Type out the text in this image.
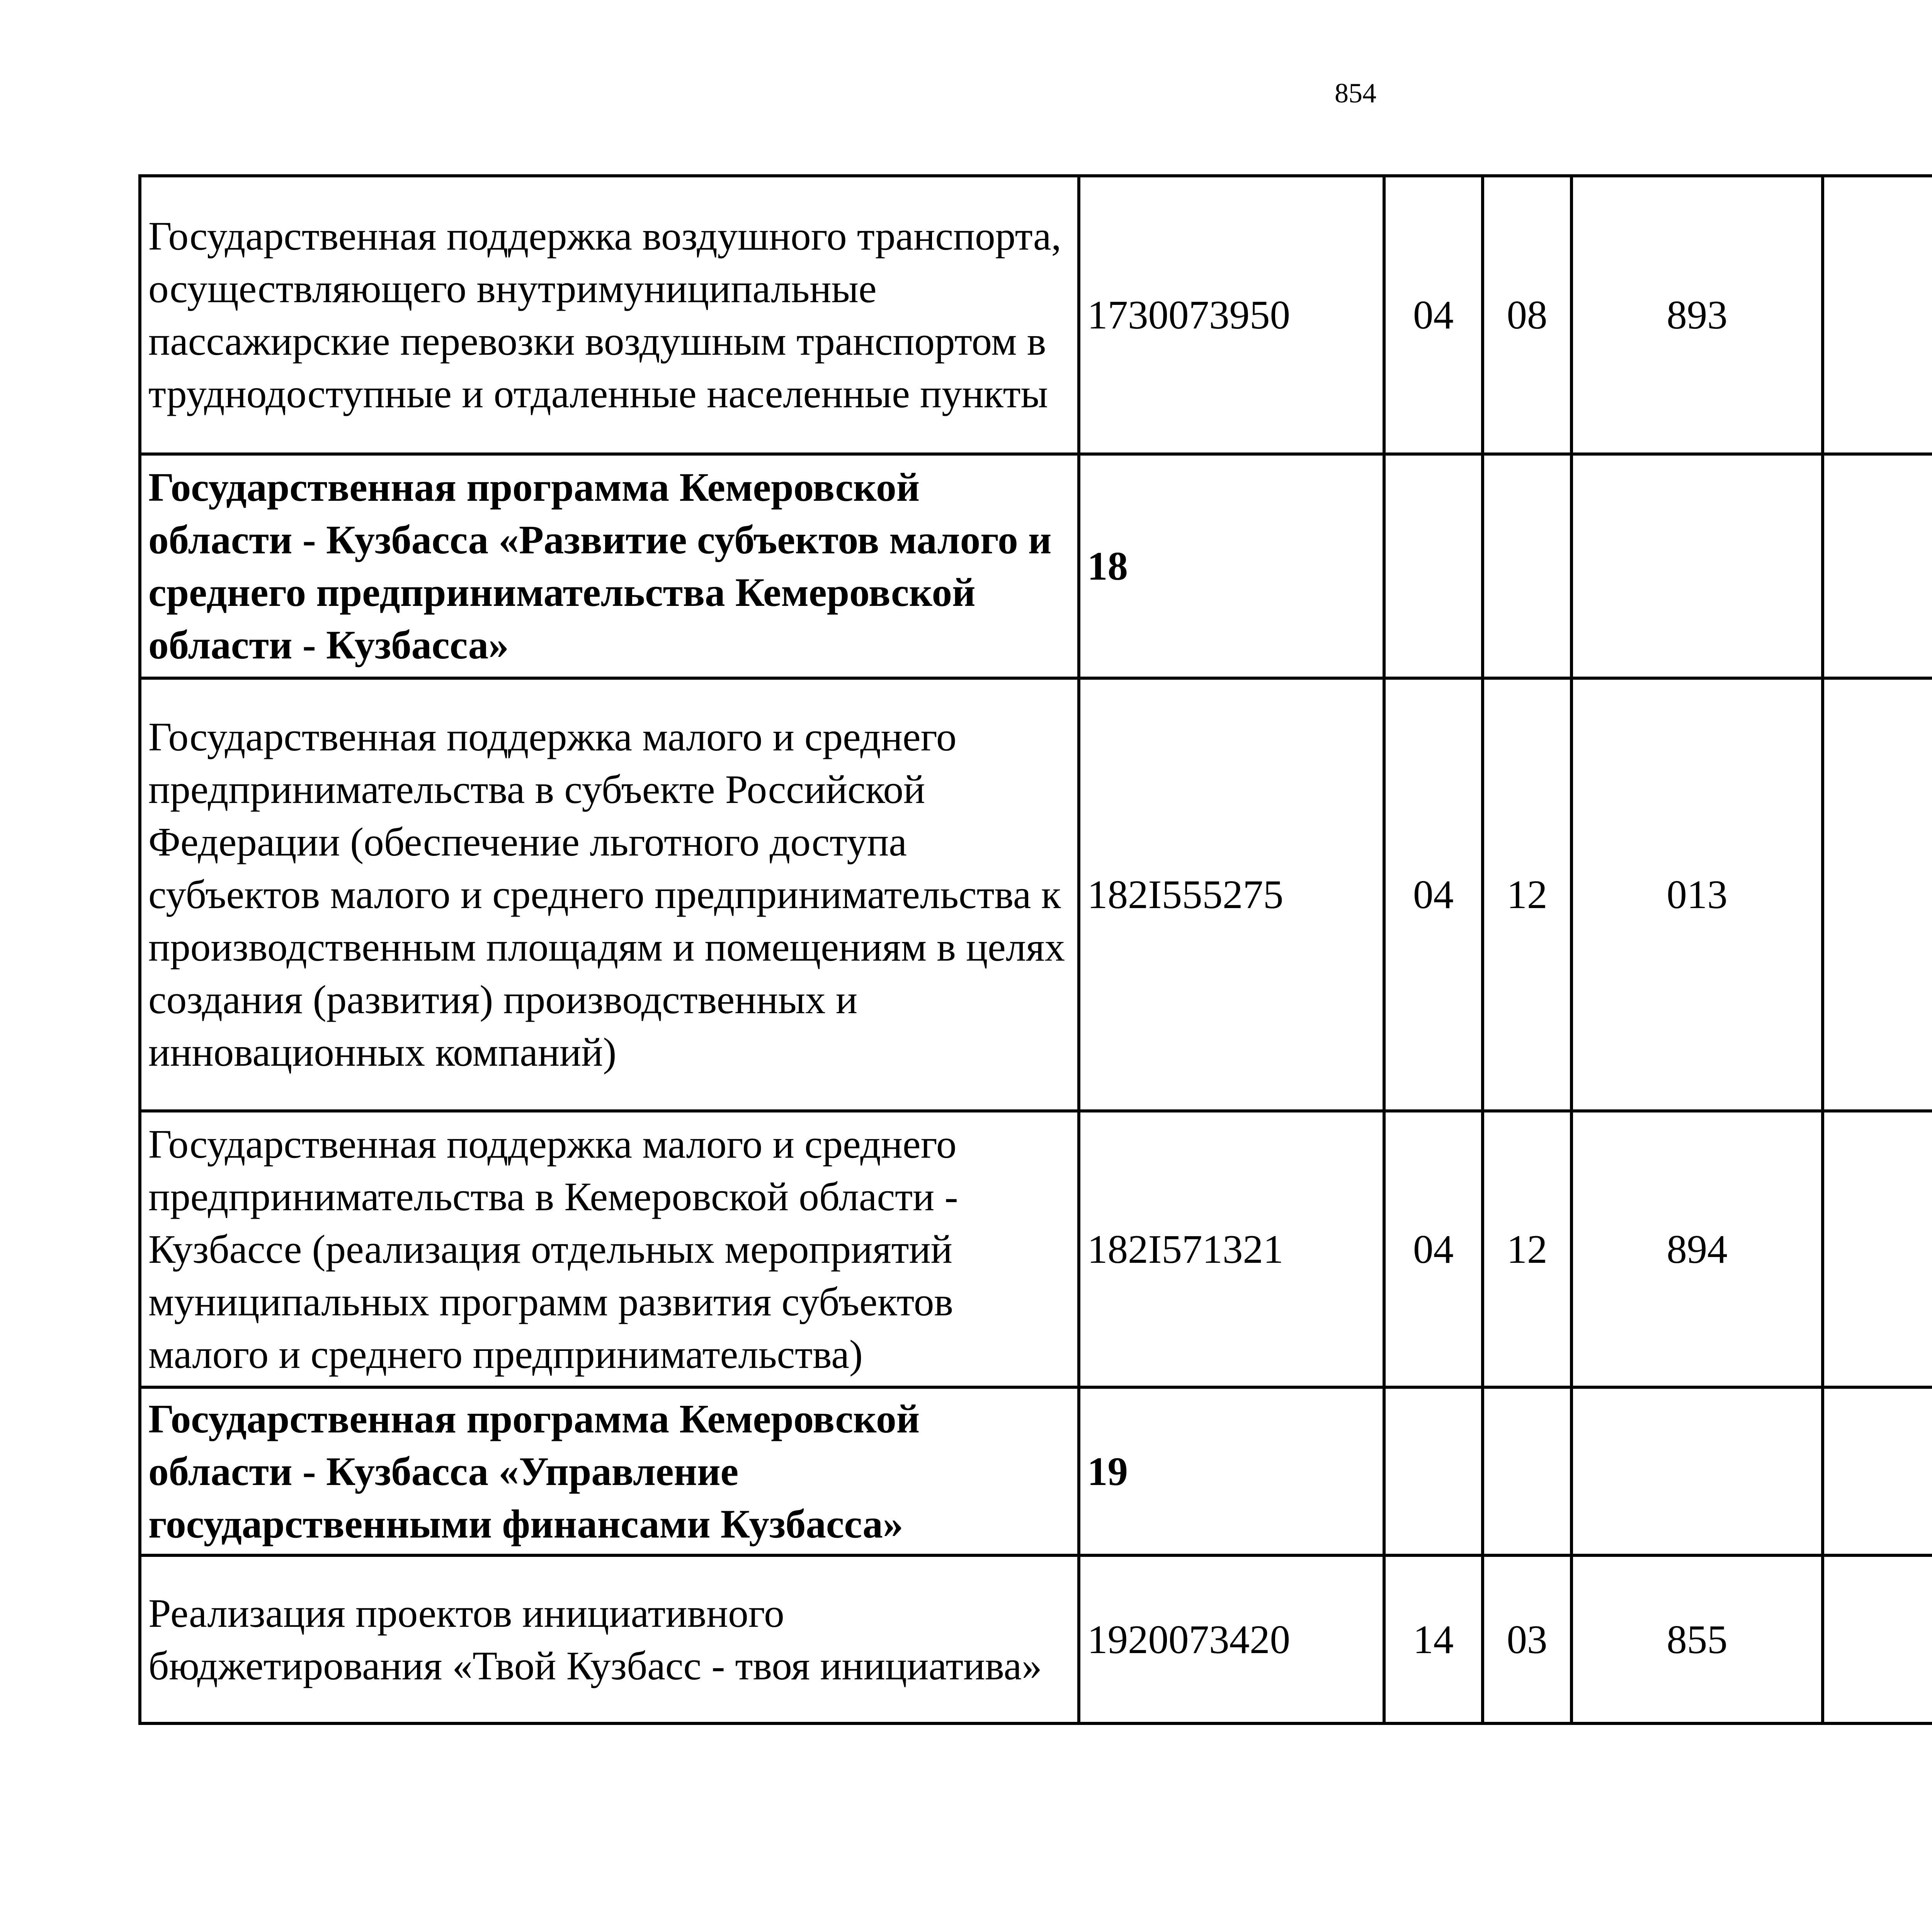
854
Государственная поддержка воздушного транспорта, осуществляющего внутримуниципальные пассажирские перевозки воздушным транспортом в труднодоступные и отдаленные населенные пункты	1730073950	04	08	893			
Государственная программа Кемеровской области - Кузбасса «Развитие субъектов малого и среднего предпринимательства Кемеровской области - Кузбасса»	18						
Государственная поддержка малого и среднего предпринимательства в субъекте Российской Федерации (обеспечение льготного доступа субъектов малого и среднего предпринимательства к производственным площадям и помещениям в целях создания (развития) производственных и инновационных компаний)	182I555275	04	12	013			
Государственная поддержка малого и среднего предпринимательства в Кемеровской области - Кузбассе (реализация отдельных мероприятий муниципальных программ развития субъектов малого и среднего предпринимательства)	182I571321	04	12	894			
Государственная программа Кемеровской области - Кузбасса «Управление государственными финансами Кузбасса»	19						
Реализация проектов инициативного бюджетирования «Твой Кузбасс - твоя инициатива»	1920073420	14	03	855			
